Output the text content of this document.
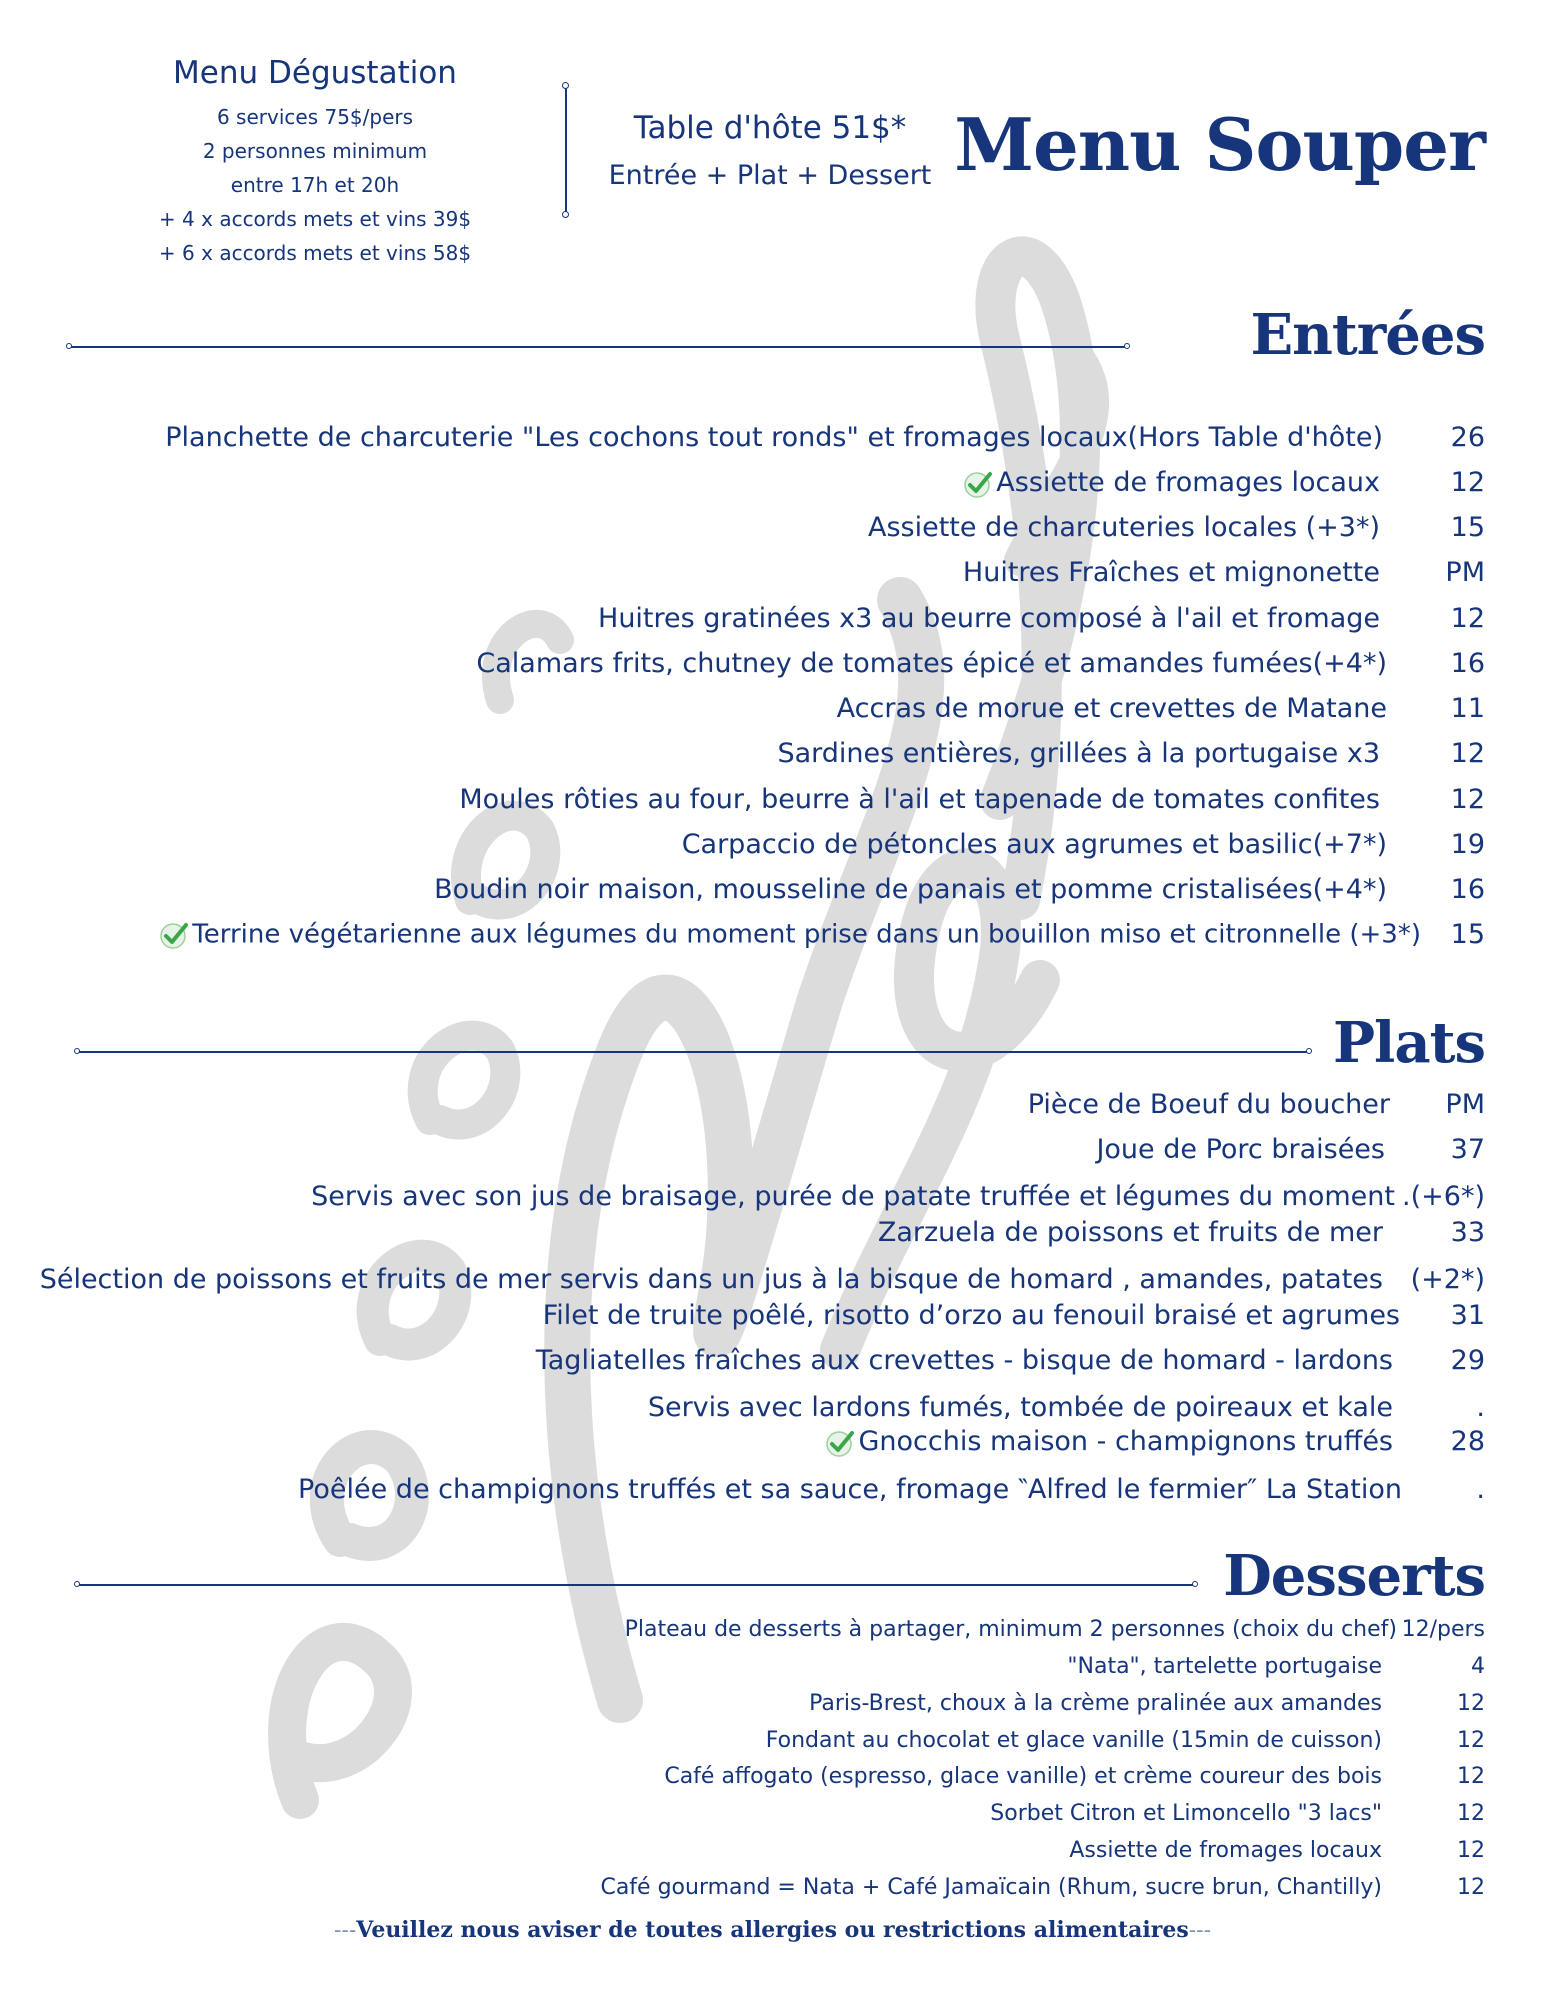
Menu Dégustation
6 services 75$/pers
2 personnes minimum
entre 17h et 20h
+ 4 x accords mets et vins 39$
+ 6 x accords mets et vins 58$
Table d'hôte 51$*
Entrée + Plat + Dessert Menu Souper
Entrées
Planchette de charcuterie "Les cochons tout ronds" et fromages locaux(Hors Table d'hôte)	26
Assiette de fromages locaux	12
Assiette de charcuteries locales (+3*)	15
Huitres Fraîches et mignonette PM
Huitres gratinées x3 au beurre composé à l'ail et fromage	12
Calamars frits, chutney de tomates épicé et amandes fumées(+4*) 16
Accras de morue et crevettes de Matane 11
Sardines entières, grillées à la portugaise x3	12
Moules rôties au four, beurre à l'ail et tapenade de tomates confites	12
Carpaccio de pétoncles aux agrumes et basilic(+7*) 19
Boudin noir maison, mousseline de panais et pomme cristalisées(+4*) 16
Terrine végétarienne aux légumes du moment prise dans un bouillon miso et citronnelle (+3*) 15
Plats
Pièce de Boeuf du boucher PM
Joue de Porc braisées 37
Servis avec son jus de braisage, purée de patate truffée et légumes du moment .(+6*)
Zarzuela de poissons et fruits de mer	33
Sélection de poissons et fruits de mer servis dans un jus à la bisque de homard , amandes, patates (+2*)
Filet de truite poêlé, risotto d’orzo au fenouil braisé et agrumes 31
Tagliatelles fraîches aux crevettes - bisque de homard - lardons 29
Servis avec lardons fumés, tombée de poireaux et kale	.
Gnocchis maison - champignons truffés 28
Poêlée de champignons truffés et sa sauce, fromage ‶Alfred le fermier″ La Station	.
Desserts
Plateau de desserts à partager, minimum 2 personnes (choix du chef) 12/pers
"Nata", tartelette portugaise	4
Paris-Brest, choux à la crème pralinée aux amandes	12
Fondant au chocolat et glace vanille (15min de cuisson)	12
Café affogato (espresso, glace vanille) et crème coureur des bois	12
Sorbet Citron et Limoncello "3 lacs"	12
Assiette de fromages locaux	12
Café gourmand = Nata + Café Jamaïcain (Rhum, sucre brun, Chantilly)	12
---Veuillez nous aviser de toutes allergies ou restrictions alimentaires---
